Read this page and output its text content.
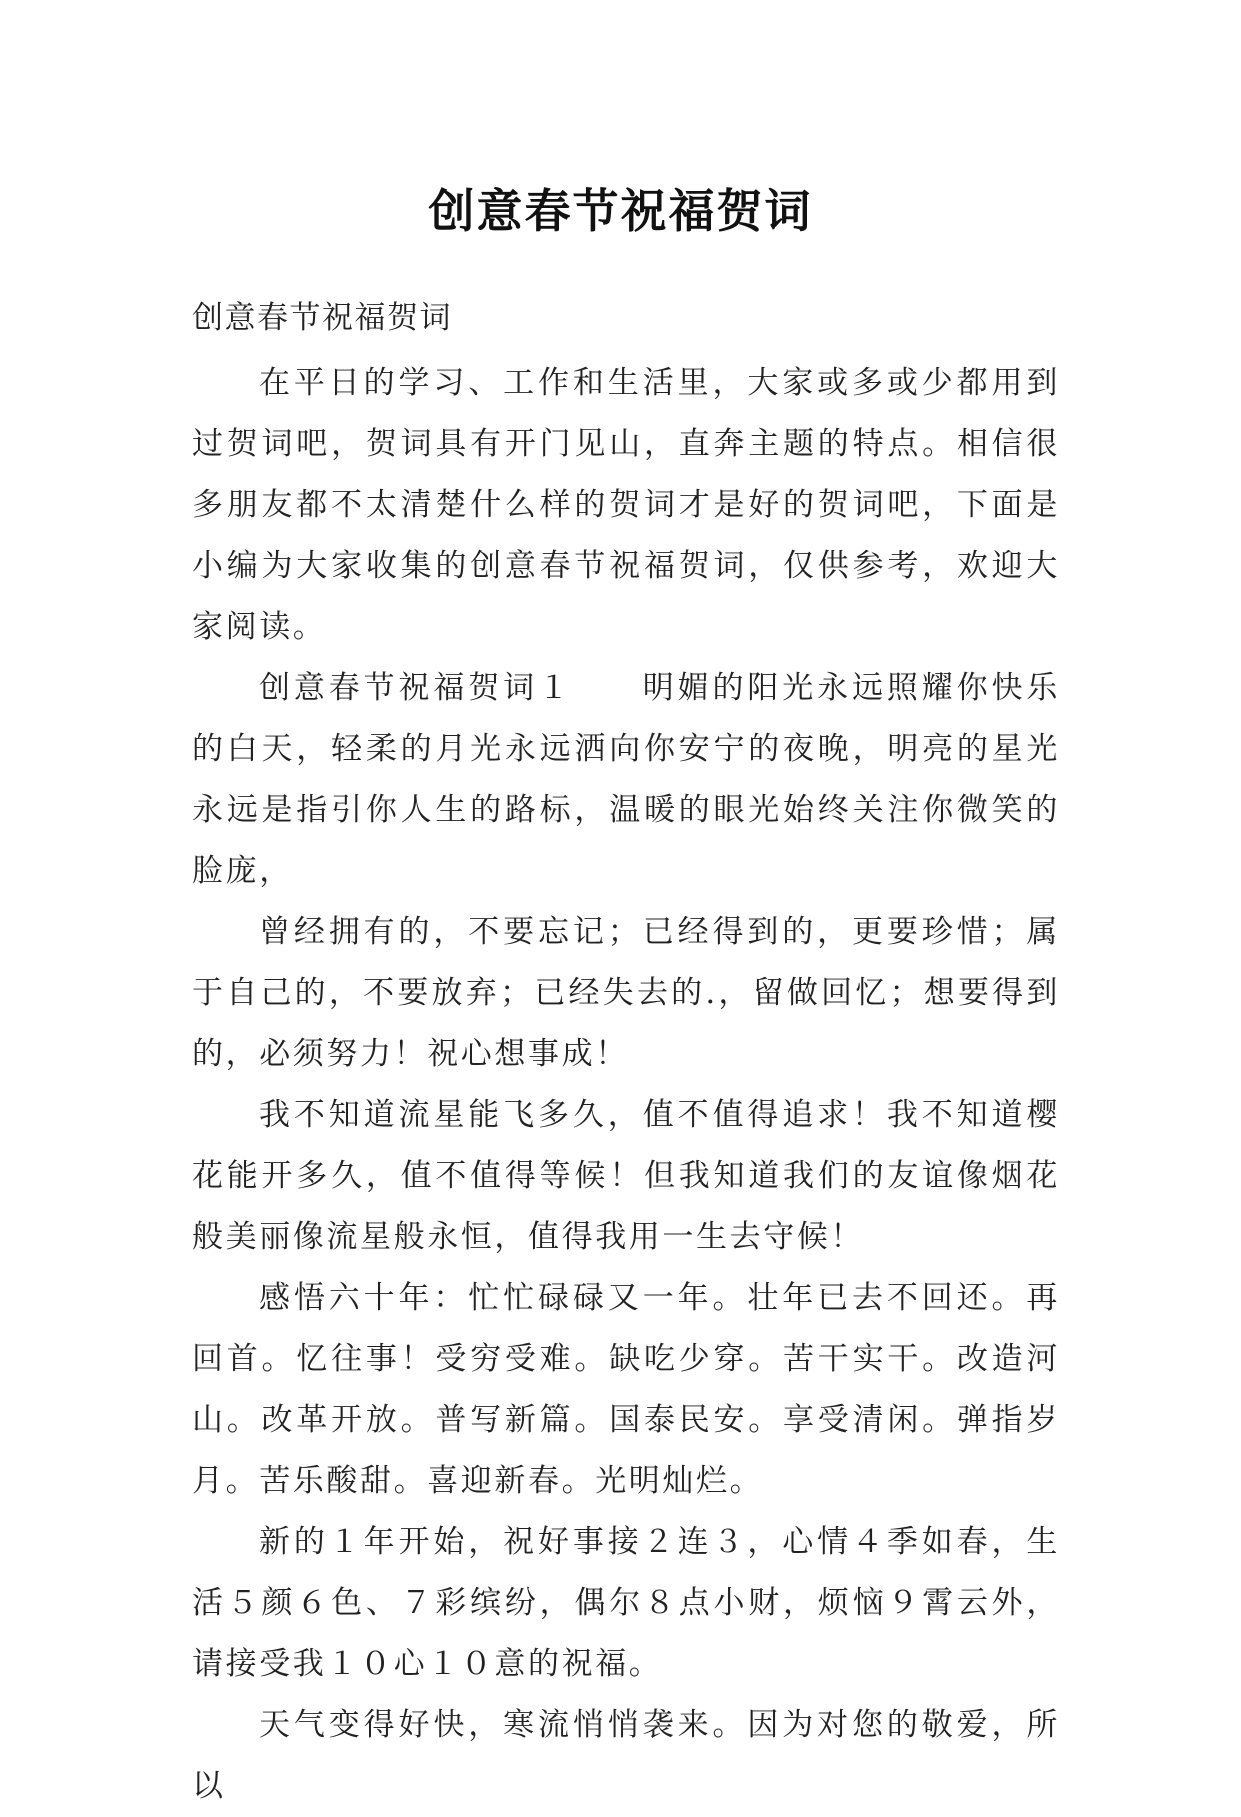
创意春节祝福贺词

创意春节祝福贺词

在平日的学习、工作和生活里，大家或多或少都用到过贺词吧，贺词具有开门见山，直奔主题的特点。相信很多朋友都不太清楚什么样的贺词才是好的贺词吧，下面是小编为大家收集的创意春节祝福贺词，仅供参考，欢迎大家阅读。

创意春节祝福贺词１　　明媚的阳光永远照耀你快乐的白天，轻柔的月光永远洒向你安宁的夜晚，明亮的星光永远是指引你人生的路标，温暖的眼光始终关注你微笑的脸庞，

曾经拥有的，不要忘记；已经得到的，更要珍惜；属于自己的，不要放弃；已经失去的.，留做回忆；想要得到的，必须努力！祝心想事成！

我不知道流星能飞多久，值不值得追求！我不知道樱花能开多久，值不值得等候！但我知道我们的友谊像烟花般美丽像流星般永恒，值得我用一生去守候！

感悟六十年：忙忙碌碌又一年。壮年已去不回还。再回首。忆往事！受穷受难。缺吃少穿。苦干实干。改造河山。改革开放。普写新篇。国泰民安。享受清闲。弹指岁月。苦乐酸甜。喜迎新春。光明灿烂。

新的１年开始，祝好事接２连３，心情４季如春，生活５颜６色、７彩缤纷，偶尔８点小财，烦恼９霄云外，请接受我１０心１０意的祝福。

天气变得好快，寒流悄悄袭来。因为对您的敬爱，所以
